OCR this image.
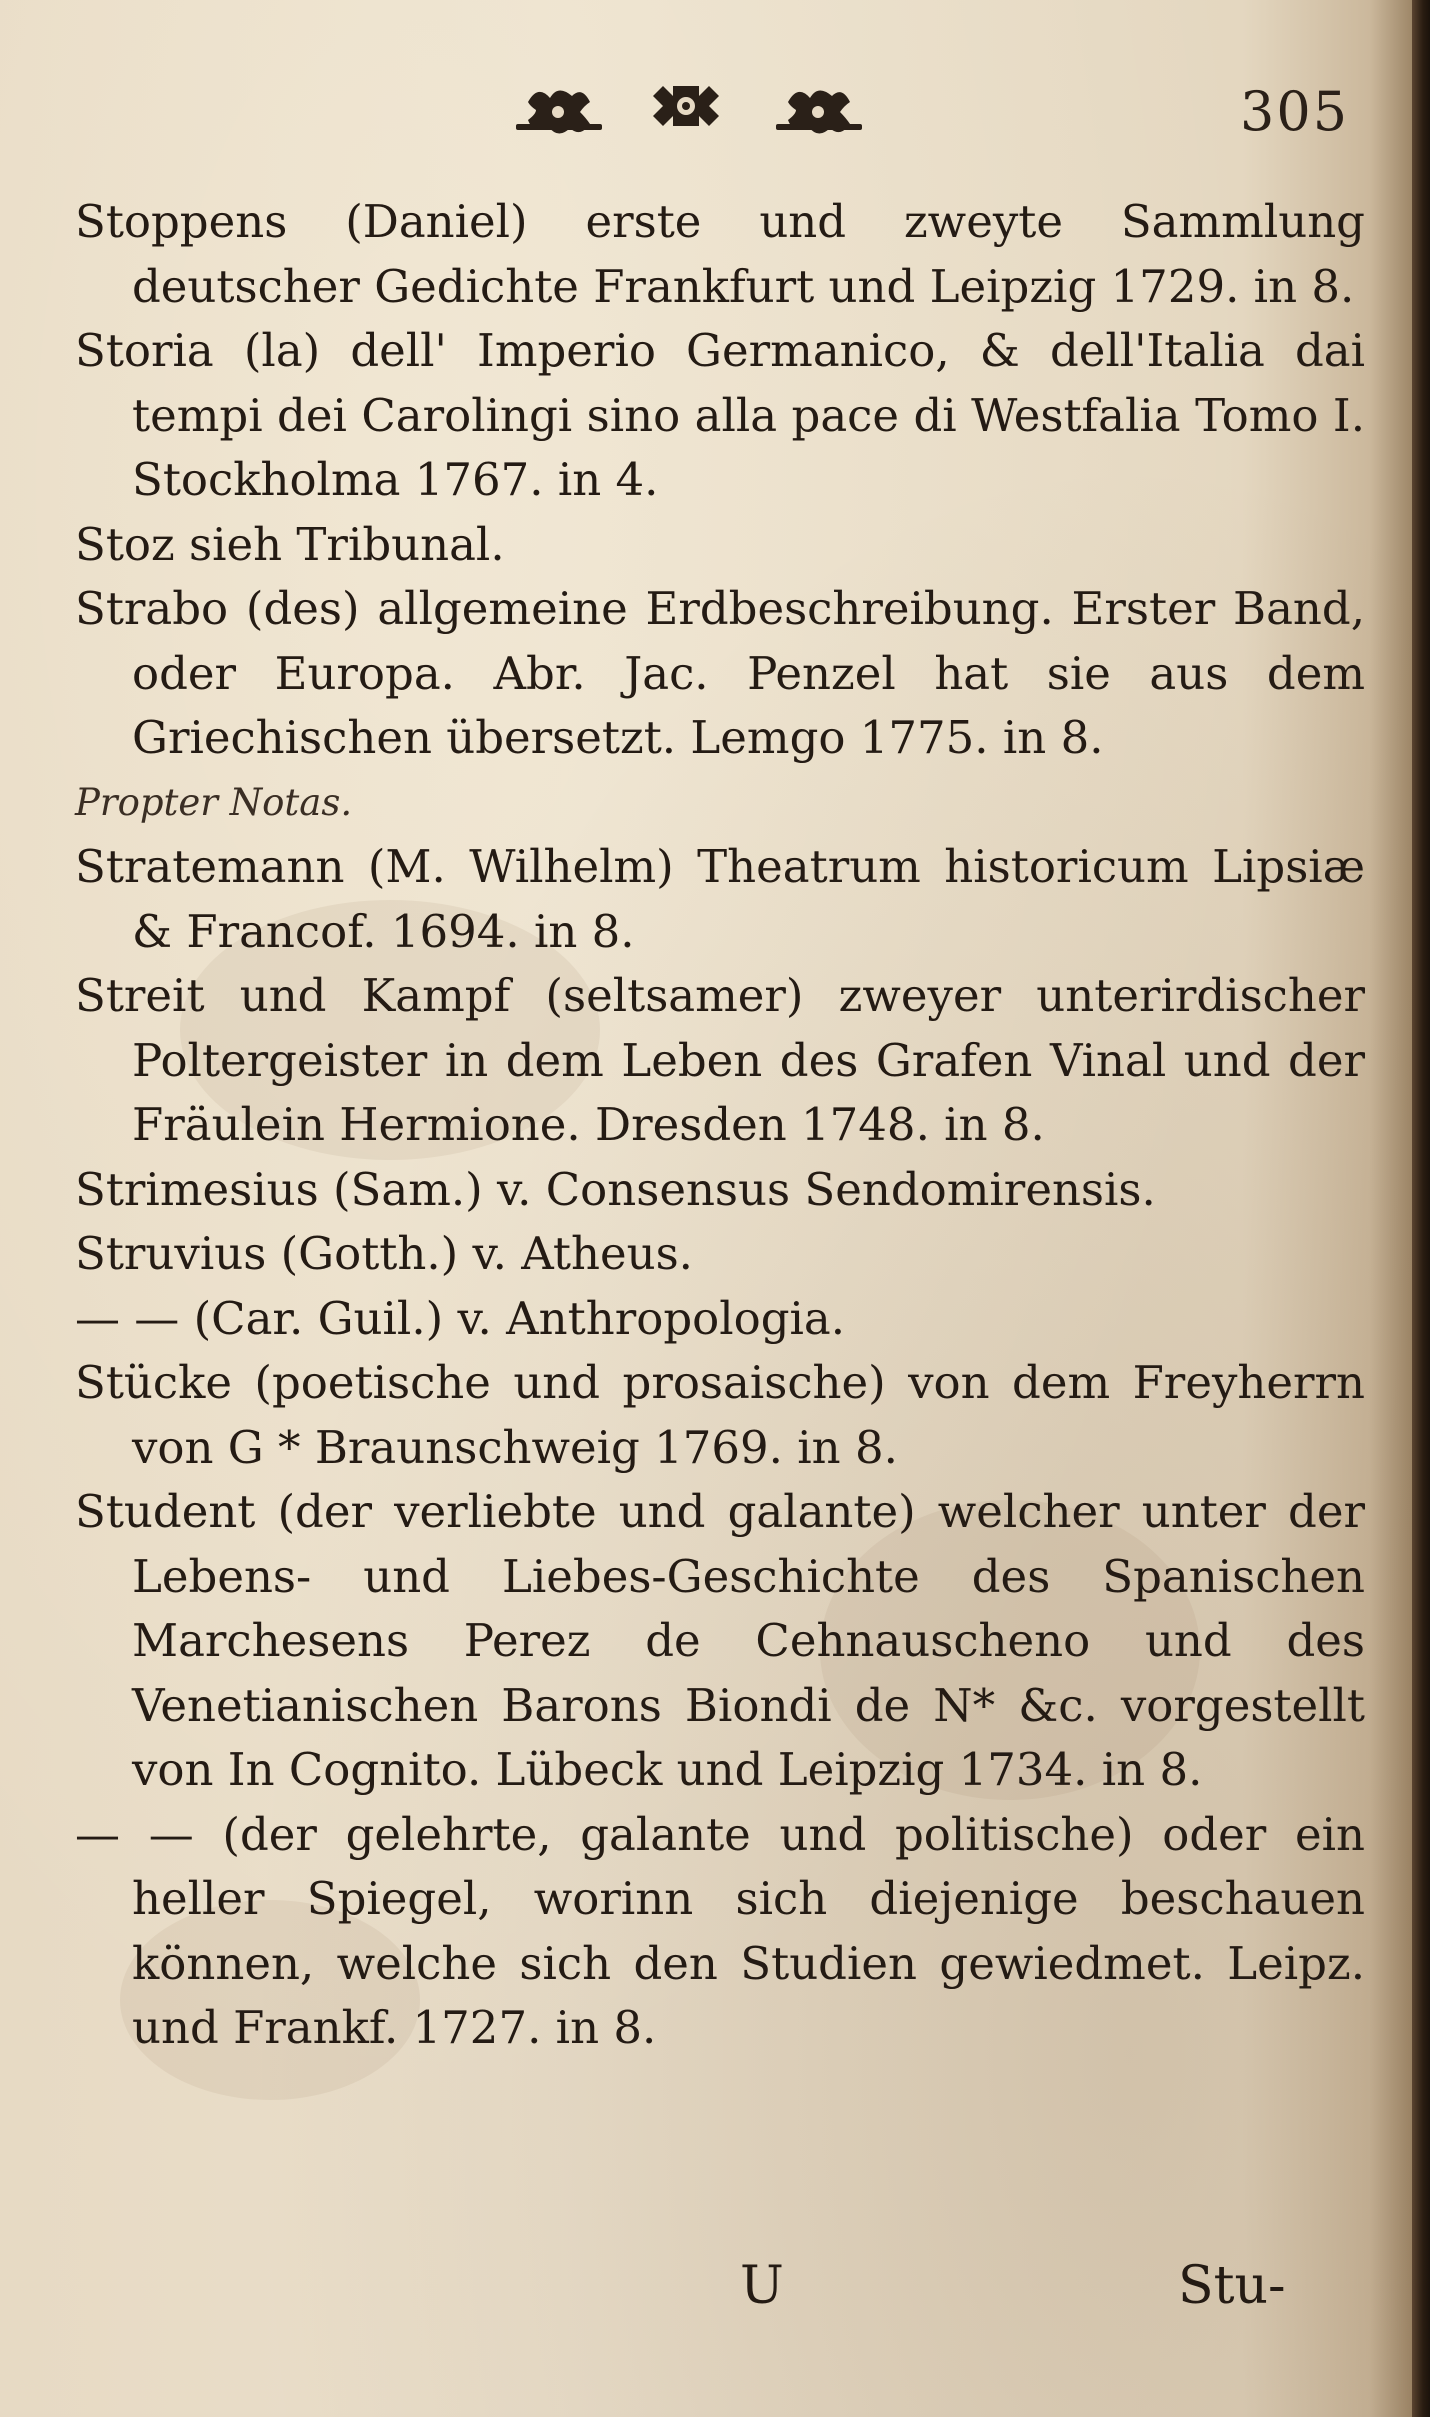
305

Stoppens (Daniel) erste und zweyte Sammlung deutscher Gedichte Frankfurt und Leipzig 1729. in 8.

Storia (la) dell' Imperio Germanico, & dell'Italia dai tempi dei Carolingi sino alla pace di Westfalia Tomo I. Stockholma 1767. in 4.

Stoz sieh Tribunal.

Strabo (des) allgemeine Erdbeschreibung. Erster Band, oder Europa. Abr. Jac. Penzel hat sie aus dem Griechischen übersetzt. Lemgo 1775. in 8.

Propter Notas.

Stratemann (M. Wilhelm) Theatrum historicum Lipsiæ & Francof. 1694. in 8.

Streit und Kampf (seltsamer) zweyer unterirdischer Poltergeister in dem Leben des Grafen Vinal und der Fräulein Hermione. Dresden 1748. in 8.

Strimesius (Sam.) v. Consensus Sendomirensis.

Struvius (Gotth.) v. Atheus.

— — (Car. Guil.) v. Anthropologia.

Stücke (poetische und prosaische) von dem Freyherrn von G * Braunschweig 1769. in 8.

Student (der verliebte und galante) welcher unter der Lebens- und Liebes-Geschichte des Spanischen Marchesens Perez de Cehnauscheno und des Venetianischen Barons Biondi de N* &c. vorgestellt von In Cognito. Lübeck und Leipzig 1734. in 8.

— — (der gelehrte, galante und politische) oder ein heller Spiegel, worinn sich diejenige beschauen können, welche sich den Studien gewiedmet. Leipz. und Frankf. 1727. in 8.

U	Stu-
